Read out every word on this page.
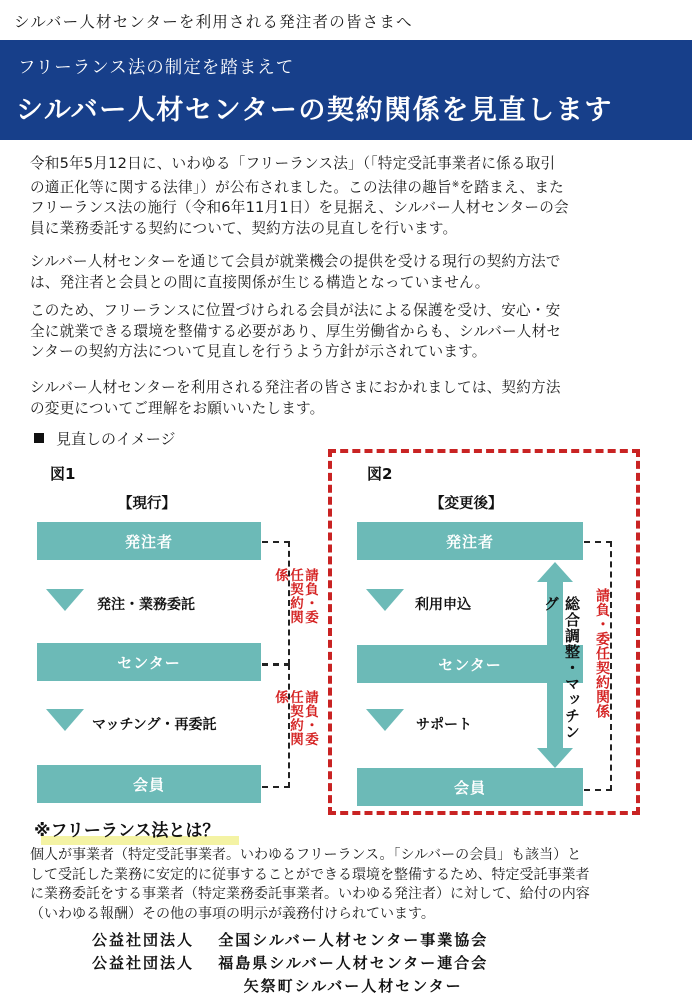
シルバー人材センターを利用される発注者の皆さまへ
フリーランス法の制定を踏まえて
シルバー人材センターの契約関係を見直します
令和5年5月12日に、いわゆる「フリーランス法」（「特定受託事業者に係る取引
の適正化等に関する法律」）が公布されました。この法律の趣旨※を踏まえ、また
フリーランス法の施行（令和6年11月1日）を見据え、シルバー人材センターの会
員に業務委託する契約について、契約方法の見直しを行います。
シルバー人材センターを通じて会員が就業機会の提供を受ける現行の契約方法で
は、発注者と会員との間に直接関係が生じる構造となっていません。
このため、フリーランスに位置づけられる会員が法による保護を受け、安心・安
全に就業できる環境を整備する必要があり、厚生労働省からも、シルバー人材セ
ンターの契約方法について見直しを行うよう方針が示されています。
シルバー人材センターを利用される発注者の皆さまにおかれましては、契約方法
の変更についてご理解をお願いいたします。
見直しのイメージ
図1
【現行】
発注者
発注・業務委託
センター
マッチング・再委託
会員
請負・委任契約関係
請負・委任契約関係
図2
【変更後】
発注者
利用申込
センター
サポート
会員
総合調整・マッチング	請負・委任契約関係
※フリーランス法とは？
個人が事業者（特定受託事業者。いわゆるフリーランス。「シルバーの会員」も該当）と
して受託した業務に安定的に従事することができる環境を整備するため、特定受託事業者
に業務委託をする事業者（特定業務委託事業者。いわゆる発注者）に対して、給付の内容
（いわゆる報酬）その他の事項の明示が義務付けられています。
公益社団法人　 全国シルバー人材センター事業協会
公益社団法人　 福島県シルバー人材センター連合会
矢祭町シルバー人材センター
